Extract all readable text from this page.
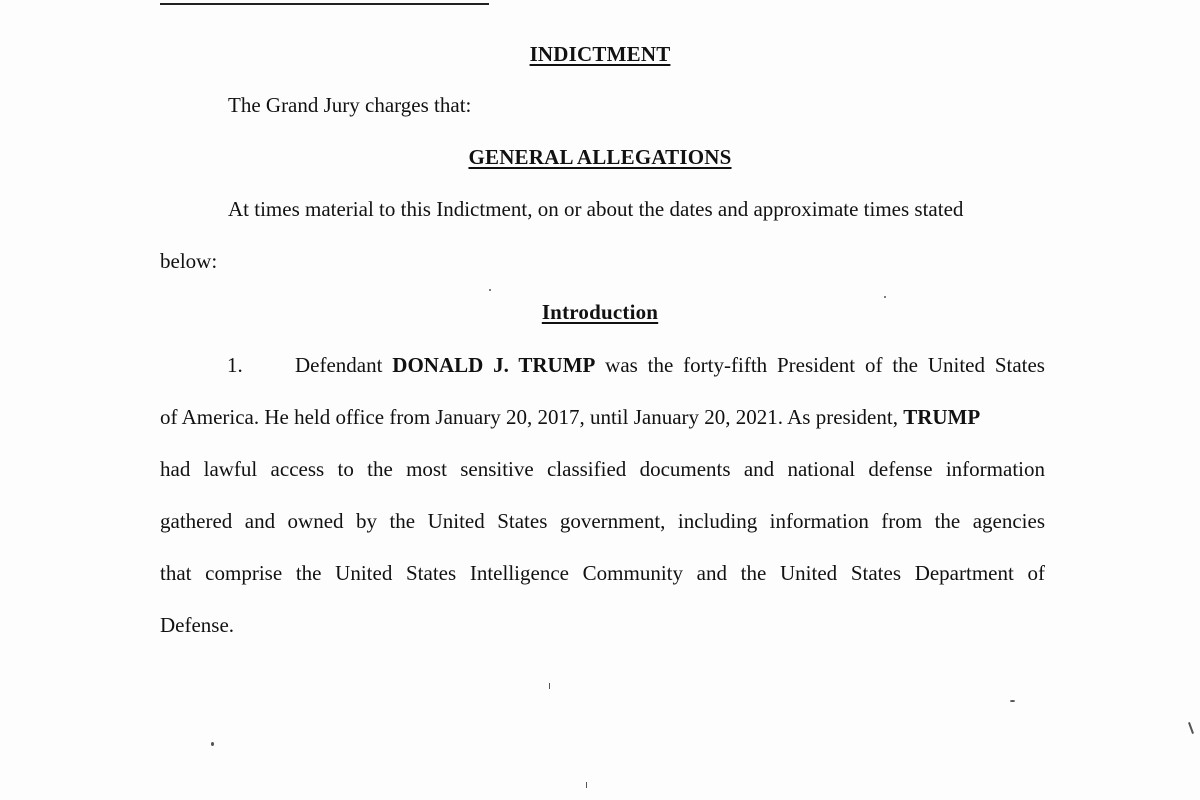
INDICTMENT
The Grand Jury charges that:
GENERAL ALLEGATIONS
At times material to this Indictment, on or about the dates and approximate times stated
below:
Introduction
1. Defendant DONALD J. TRUMP was the forty-fifth President of the United States
of America. He held office from January 20, 2017, until January 20, 2021. As president, TRUMP
had lawful access to the most sensitive classified documents and national defense information
gathered and owned by the United States government, including information from the agencies
that comprise the United States Intelligence Community and the United States Department of
Defense.
